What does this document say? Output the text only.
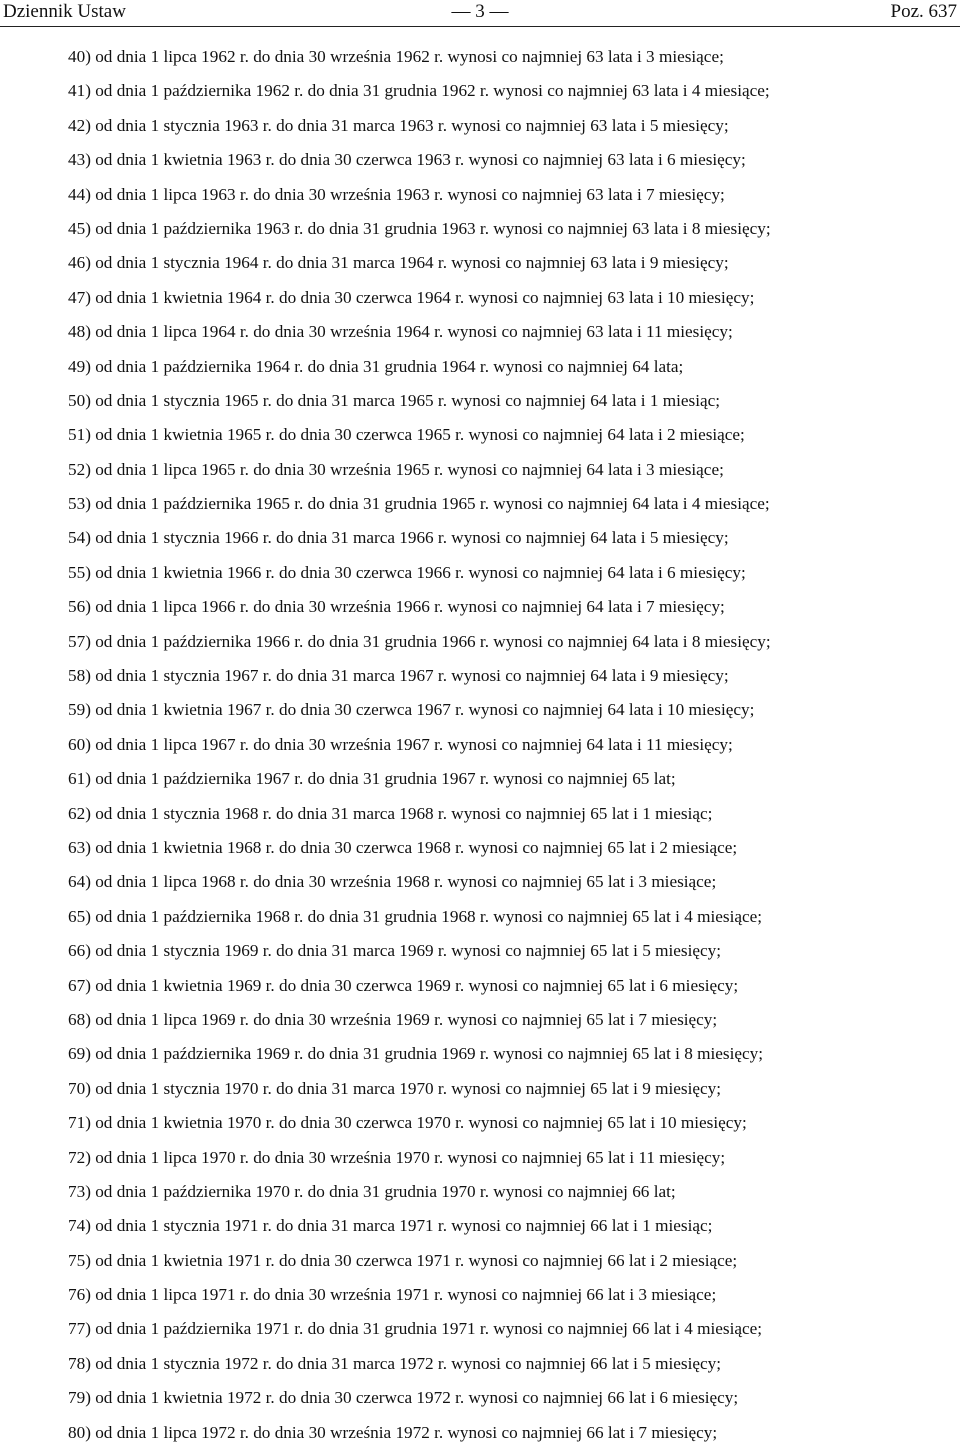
Dziennik Ustaw	— 3 —	Poz. 637
40) od dnia 1 lipca 1962 r. do dnia 30 września 1962 r. wynosi co najmniej 63 lata i 3 miesiące;
41) od dnia 1 października 1962 r. do dnia 31 grudnia 1962 r. wynosi co najmniej 63 lata i 4 miesiące;
42) od dnia 1 stycznia 1963 r. do dnia 31 marca 1963 r. wynosi co najmniej 63 lata i 5 miesięcy;
43) od dnia 1 kwietnia 1963 r. do dnia 30 czerwca 1963 r. wynosi co najmniej 63 lata i 6 miesięcy;
44) od dnia 1 lipca 1963 r. do dnia 30 września 1963 r. wynosi co najmniej 63 lata i 7 miesięcy;
45) od dnia 1 października 1963 r. do dnia 31 grudnia 1963 r. wynosi co najmniej 63 lata i 8 miesięcy;
46) od dnia 1 stycznia 1964 r. do dnia 31 marca 1964 r. wynosi co najmniej 63 lata i 9 miesięcy;
47) od dnia 1 kwietnia 1964 r. do dnia 30 czerwca 1964 r. wynosi co najmniej 63 lata i 10 miesięcy;
48) od dnia 1 lipca 1964 r. do dnia 30 września 1964 r. wynosi co najmniej 63 lata i 11 miesięcy;
49) od dnia 1 października 1964 r. do dnia 31 grudnia 1964 r. wynosi co najmniej 64 lata;
50) od dnia 1 stycznia 1965 r. do dnia 31 marca 1965 r. wynosi co najmniej 64 lata i 1 miesiąc;
51) od dnia 1 kwietnia 1965 r. do dnia 30 czerwca 1965 r. wynosi co najmniej 64 lata i 2 miesiące;
52) od dnia 1 lipca 1965 r. do dnia 30 września 1965 r. wynosi co najmniej 64 lata i 3 miesiące;
53) od dnia 1 października 1965 r. do dnia 31 grudnia 1965 r. wynosi co najmniej 64 lata i 4 miesiące;
54) od dnia 1 stycznia 1966 r. do dnia 31 marca 1966 r. wynosi co najmniej 64 lata i 5 miesięcy;
55) od dnia 1 kwietnia 1966 r. do dnia 30 czerwca 1966 r. wynosi co najmniej 64 lata i 6 miesięcy;
56) od dnia 1 lipca 1966 r. do dnia 30 września 1966 r. wynosi co najmniej 64 lata i 7 miesięcy;
57) od dnia 1 października 1966 r. do dnia 31 grudnia 1966 r. wynosi co najmniej 64 lata i 8 miesięcy;
58) od dnia 1 stycznia 1967 r. do dnia 31 marca 1967 r. wynosi co najmniej 64 lata i 9 miesięcy;
59) od dnia 1 kwietnia 1967 r. do dnia 30 czerwca 1967 r. wynosi co najmniej 64 lata i 10 miesięcy;
60) od dnia 1 lipca 1967 r. do dnia 30 września 1967 r. wynosi co najmniej 64 lata i 11 miesięcy;
61) od dnia 1 października 1967 r. do dnia 31 grudnia 1967 r. wynosi co najmniej 65 lat;
62) od dnia 1 stycznia 1968 r. do dnia 31 marca 1968 r. wynosi co najmniej 65 lat i 1 miesiąc;
63) od dnia 1 kwietnia 1968 r. do dnia 30 czerwca 1968 r. wynosi co najmniej 65 lat i 2 miesiące;
64) od dnia 1 lipca 1968 r. do dnia 30 września 1968 r. wynosi co najmniej 65 lat i 3 miesiące;
65) od dnia 1 października 1968 r. do dnia 31 grudnia 1968 r. wynosi co najmniej 65 lat i 4 miesiące;
66) od dnia 1 stycznia 1969 r. do dnia 31 marca 1969 r. wynosi co najmniej 65 lat i 5 miesięcy;
67) od dnia 1 kwietnia 1969 r. do dnia 30 czerwca 1969 r. wynosi co najmniej 65 lat i 6 miesięcy;
68) od dnia 1 lipca 1969 r. do dnia 30 września 1969 r. wynosi co najmniej 65 lat i 7 miesięcy;
69) od dnia 1 października 1969 r. do dnia 31 grudnia 1969 r. wynosi co najmniej 65 lat i 8 miesięcy;
70) od dnia 1 stycznia 1970 r. do dnia 31 marca 1970 r. wynosi co najmniej 65 lat i 9 miesięcy;
71) od dnia 1 kwietnia 1970 r. do dnia 30 czerwca 1970 r. wynosi co najmniej 65 lat i 10 miesięcy;
72) od dnia 1 lipca 1970 r. do dnia 30 września 1970 r. wynosi co najmniej 65 lat i 11 miesięcy;
73) od dnia 1 października 1970 r. do dnia 31 grudnia 1970 r. wynosi co najmniej 66 lat;
74) od dnia 1 stycznia 1971 r. do dnia 31 marca 1971 r. wynosi co najmniej 66 lat i 1 miesiąc;
75) od dnia 1 kwietnia 1971 r. do dnia 30 czerwca 1971 r. wynosi co najmniej 66 lat i 2 miesiące;
76) od dnia 1 lipca 1971 r. do dnia 30 września 1971 r. wynosi co najmniej 66 lat i 3 miesiące;
77) od dnia 1 października 1971 r. do dnia 31 grudnia 1971 r. wynosi co najmniej 66 lat i 4 miesiące;
78) od dnia 1 stycznia 1972 r. do dnia 31 marca 1972 r. wynosi co najmniej 66 lat i 5 miesięcy;
79) od dnia 1 kwietnia 1972 r. do dnia 30 czerwca 1972 r. wynosi co najmniej 66 lat i 6 miesięcy;
80) od dnia 1 lipca 1972 r. do dnia 30 września 1972 r. wynosi co najmniej 66 lat i 7 miesięcy;
